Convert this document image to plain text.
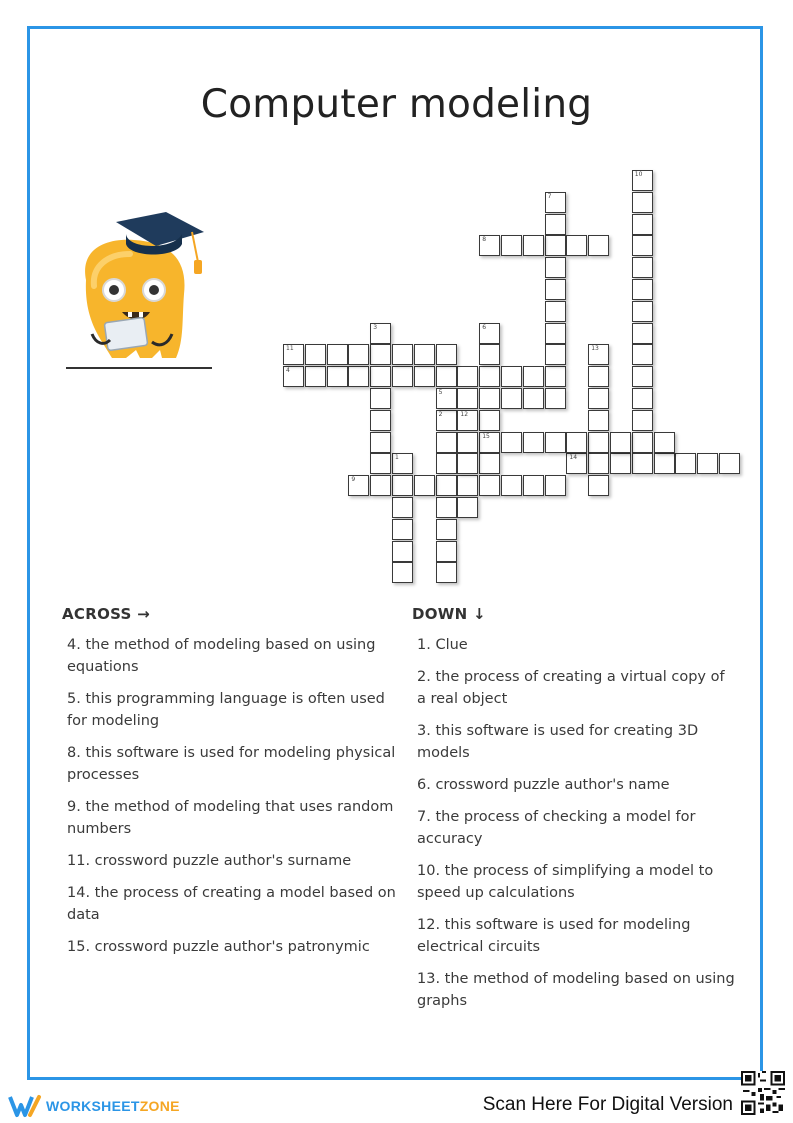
Computer modeling
1
2
3
4
5
6
15
7
8
9
10
11
12
13
14
ACROSS →	DOWN ↓
4. the method of modeling based on using equations
5. this programming language is often used for modeling
8. this software is used for modeling physical processes
9. the method of modeling that uses random numbers
11. crossword puzzle author's surname
14. the process of creating a model based on data
15. crossword puzzle author's patronymic
1. Clue
2. the process of creating a virtual copy of a real object
3. this software is used for creating 3D models
6. crossword puzzle author's name
7. the process of checking a model for accuracy
10. the process of simplifying a model to speed up calculations
12. this software is used for modeling electrical circuits
13. the method of modeling based on using graphs
WORKSHEETZONE	Scan Here For Digital Version
